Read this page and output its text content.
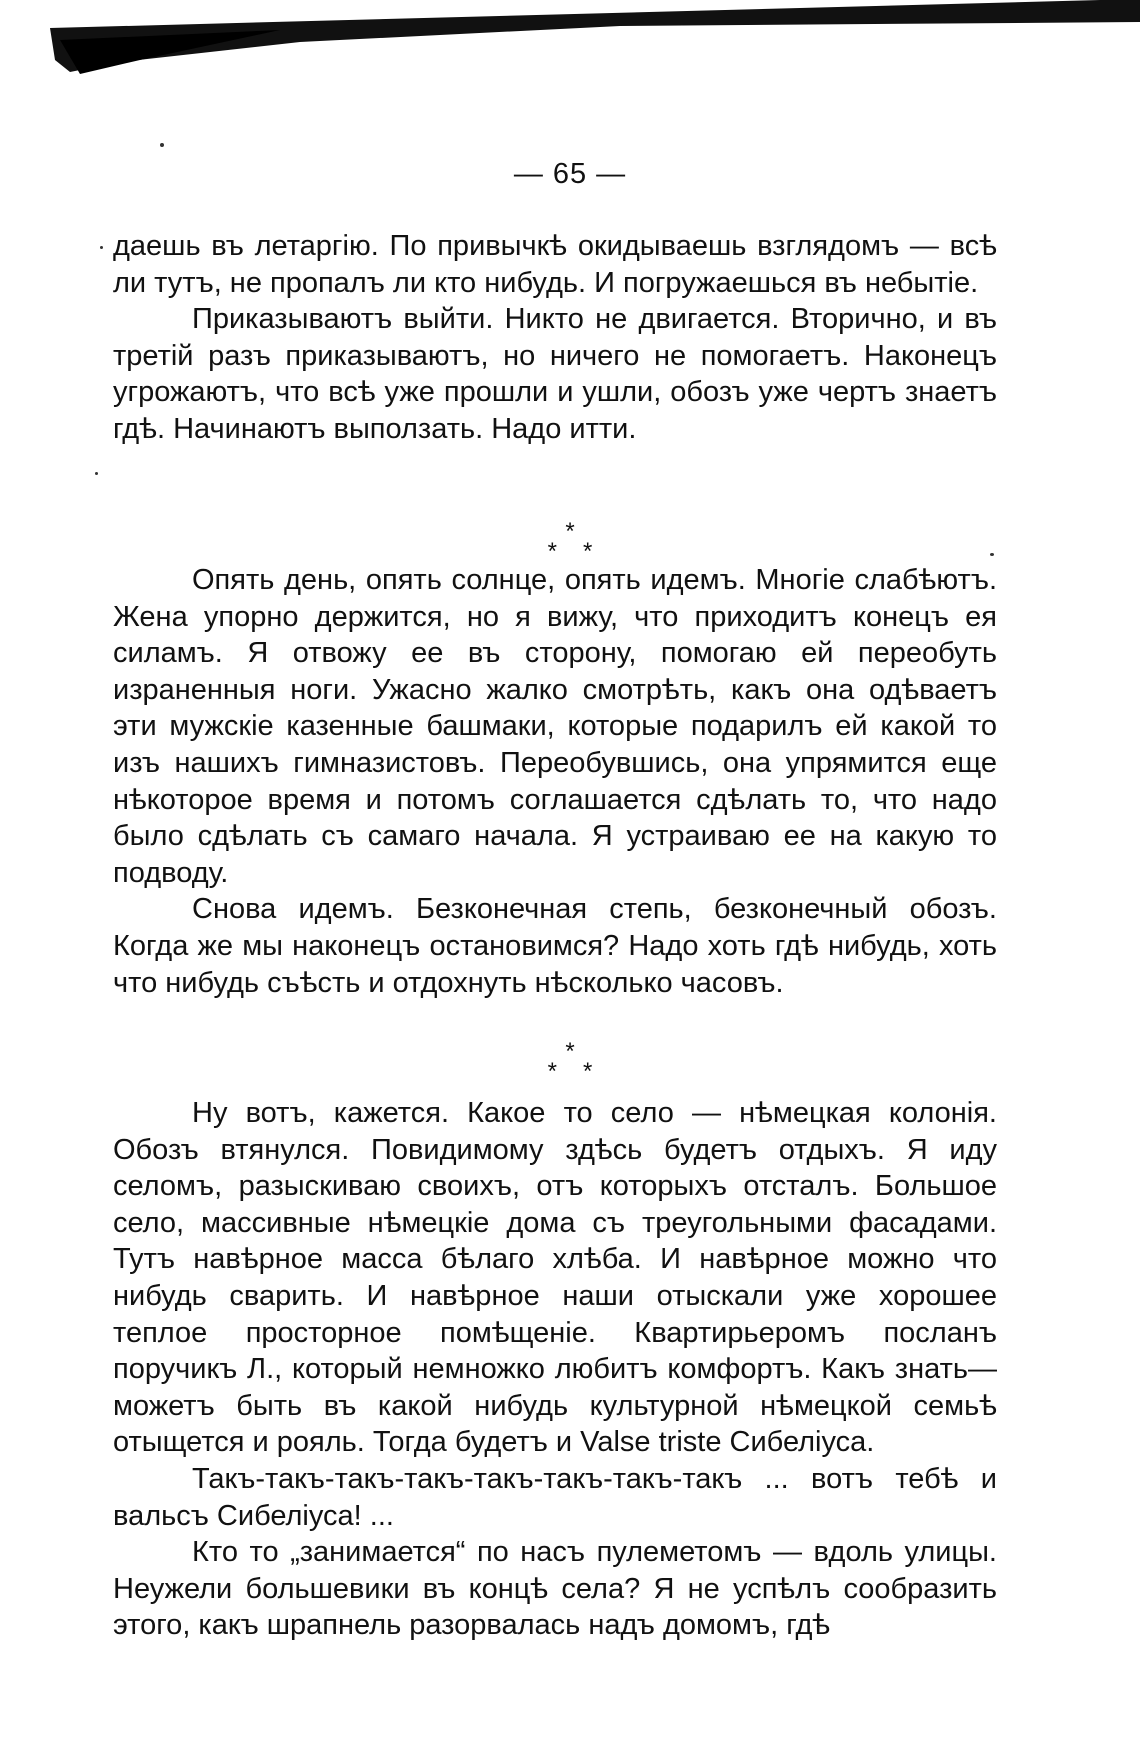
— 65 —

даешь въ летаргію. По привычкѣ окидываешь взглядомъ — всѣ ли тутъ, не пропалъ ли кто нибудь. И погружаешься въ небытіе.

Приказываютъ выйти. Никто не двигается. Вторично, и въ третій разъ приказываютъ, но ничего не помогаетъ. Наконецъ угрожаютъ, что всѣ уже прошли и ушли, обозъ уже чертъ знаетъ гдѣ. Начинаютъ выползать. Надо итти.

*
**

Опять день, опять солнце, опять идемъ. Многіе слабѣютъ. Жена упорно держится, но я вижу, что приходитъ конецъ ея силамъ. Я отвожу ее въ сторону, помогаю ей переобуть израненныя ноги. Ужасно жалко смотрѣть, какъ она одѣваетъ эти мужскіе казенные башмаки, которые подарилъ ей какой то изъ нашихъ гимназистовъ. Переобувшись, она упрямится еще нѣкоторое время и потомъ соглашается сдѣлать то, что надо было сдѣлать съ самаго начала. Я устраиваю ее на какую то подводу.

Снова идемъ. Безконечная степь, безконечный обозъ. Когда же мы наконецъ остановимся? Надо хоть гдѣ нибудь, хоть что нибудь съѣсть и отдохнуть нѣсколько часовъ.

*
**

Ну вотъ, кажется. Какое то село — нѣмецкая колонія. Обозъ втянулся. Повидимому здѣсь будетъ отдыхъ. Я иду селомъ, разыскиваю своихъ, отъ которыхъ отсталъ. Большое село, массивные нѣмецкіе дома съ треугольными фасадами. Тутъ навѣрное масса бѣлаго хлѣба. И навѣрное можно что нибудь сварить. И навѣрное наши отыскали уже хорошее теплое просторное помѣщеніе. Квартирьеромъ посланъ поручикъ Л., который немножко любитъ комфортъ. Какъ знать— можетъ быть въ какой нибудь культурной нѣмецкой семьѣ отыщется и рояль. Тогда будетъ и Valse triste Сибеліуса.

Такъ-такъ-такъ-такъ-такъ-такъ-такъ-такъ ... вотъ тебѣ и вальсъ Сибеліуса! ...

Кто то „занимается“ по насъ пулеметомъ — вдоль улицы. Неужели большевики въ концѣ села? Я не успѣлъ сообразить этого, какъ шрапнель разорвалась надъ домомъ, гдѣ
